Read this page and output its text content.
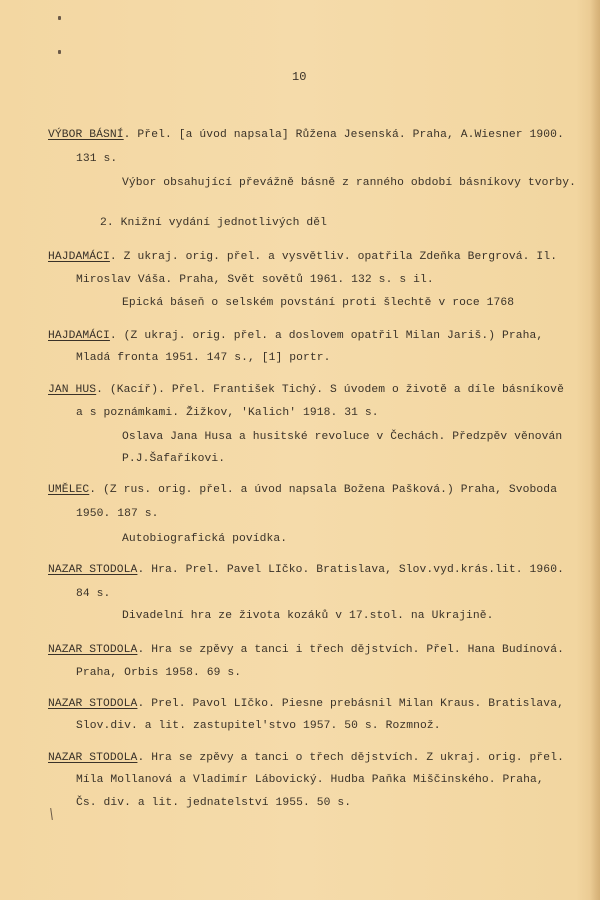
10
VÝBOR BÁSNÍ. Přel. [a úvod napsala] Růžena Jesenská. Praha, A.Wiesner 1900.
131 s.
Výbor obsahující převážně básně z ranného období básníkovy tvorby.
2. Knižní vydání jednotlivých děl
HAJDAMÁCI. Z ukraj. orig. přel. a vysvětliv. opatřila Zdeňka Bergrová. Il.
Miroslav Váša. Praha, Svět sovětů 1961. 132 s. s il.
Epická báseň o selském povstání proti šlechtě v roce 1768
HAJDAMÁCI. (Z ukraj. orig. přel. a doslovem opatřil Milan Jariš.) Praha,
Mladá fronta 1951. 147 s., [1] portr.
JAN HUS. (Kacíř). Přel. František Tichý. S úvodem o životě a díle básníkově
a s poznámkami. Žižkov, 'Kalich' 1918. 31 s.
Oslava Jana Husa a husitské revoluce v Čechách. Předzpěv věnován
P.J.Šafaříkovi.
UMĚLEC. (Z rus. orig. přel. a úvod napsala Božena Pašková.) Praha, Svoboda
1950. 187 s.
Autobiografická povídka.
NAZAR STODOLA. Hra. Prel. Pavel LIčko. Bratislava, Slov.vyd.krás.lit. 1960.
84 s.
Divadelní hra ze života kozáků v 17.stol. na Ukrajině.
NAZAR STODOLA. Hra se zpěvy a tanci i třech dějstvích. Přel. Hana Budínová.
Praha, Orbis 1958. 69 s.
NAZAR STODOLA. Prel. Pavol LIčko. Piesne prebásnil Milan Kraus. Bratislava,
Slov.div. a lit. zastupitel'stvo 1957. 50 s. Rozmnož.
NAZAR STODOLA. Hra se zpěvy a tanci o třech dějstvích. Z ukraj. orig. přel.
Míla Mollanová a Vladimír Lábovický. Hudba Paňka Miščinského. Praha,
Čs. div. a lit. jednatelství 1955. 50 s.
